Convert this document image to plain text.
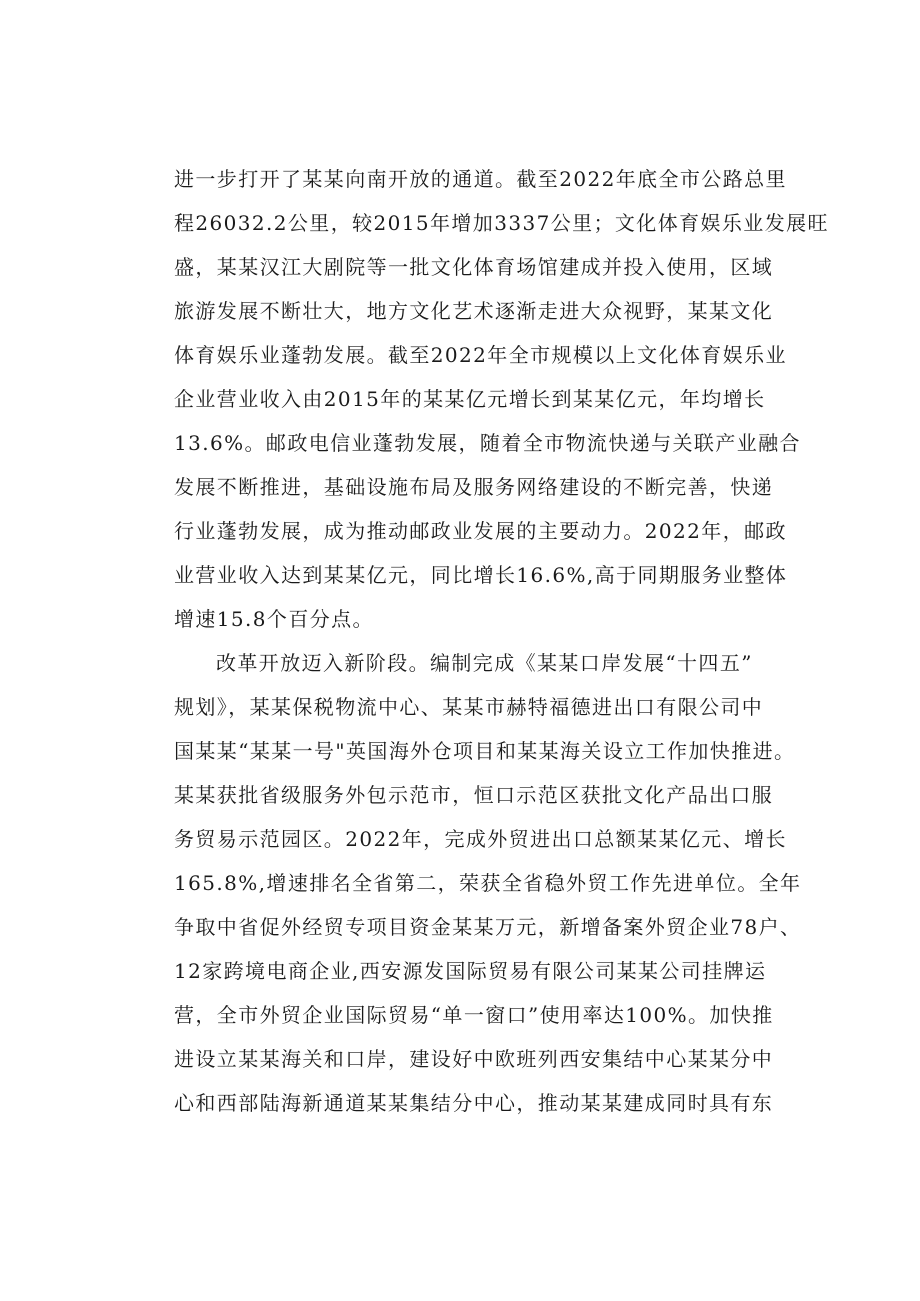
进一步打开了某某向南开放的通道。截至2022年底全市公路总里
程26032.2公里，较2015年增加3337公里；文化体育娱乐业发展旺
盛，某某汉江大剧院等一批文化体育场馆建成并投入使用，区域
旅游发展不断壮大，地方文化艺术逐渐走进大众视野，某某文化
体育娱乐业蓬勃发展。截至2022年全市规模以上文化体育娱乐业
企业营业收入由2015年的某某亿元增长到某某亿元，年均增长
13.6%。邮政电信业蓬勃发展，随着全市物流快递与关联产业融合
发展不断推进，基础设施布局及服务网络建设的不断完善，快递
行业蓬勃发展，成为推动邮政业发展的主要动力。2022年，邮政
业营业收入达到某某亿元，同比增长16.6%,高于同期服务业整体
增速15.8个百分点。
改革开放迈入新阶段。编制完成《某某口岸发展“十四五”
规划》，某某保税物流中心、某某市赫特福德进出口有限公司中
国某某“某某一号"英国海外仓项目和某某海关设立工作加快推进。
某某获批省级服务外包示范市，恒口示范区获批文化产品出口服
务贸易示范园区。2022年，完成外贸进出口总额某某亿元、增长
165.8%,增速排名全省第二，荣获全省稳外贸工作先进单位。全年
争取中省促外经贸专项目资金某某万元，新增备案外贸企业78户、
12家跨境电商企业,西安源发国际贸易有限公司某某公司挂牌运
营，全市外贸企业国际贸易“单一窗口”使用率达100%。加快推
进设立某某海关和口岸，建设好中欧班列西安集结中心某某分中
心和西部陆海新通道某某集结分中心，推动某某建成同时具有东
